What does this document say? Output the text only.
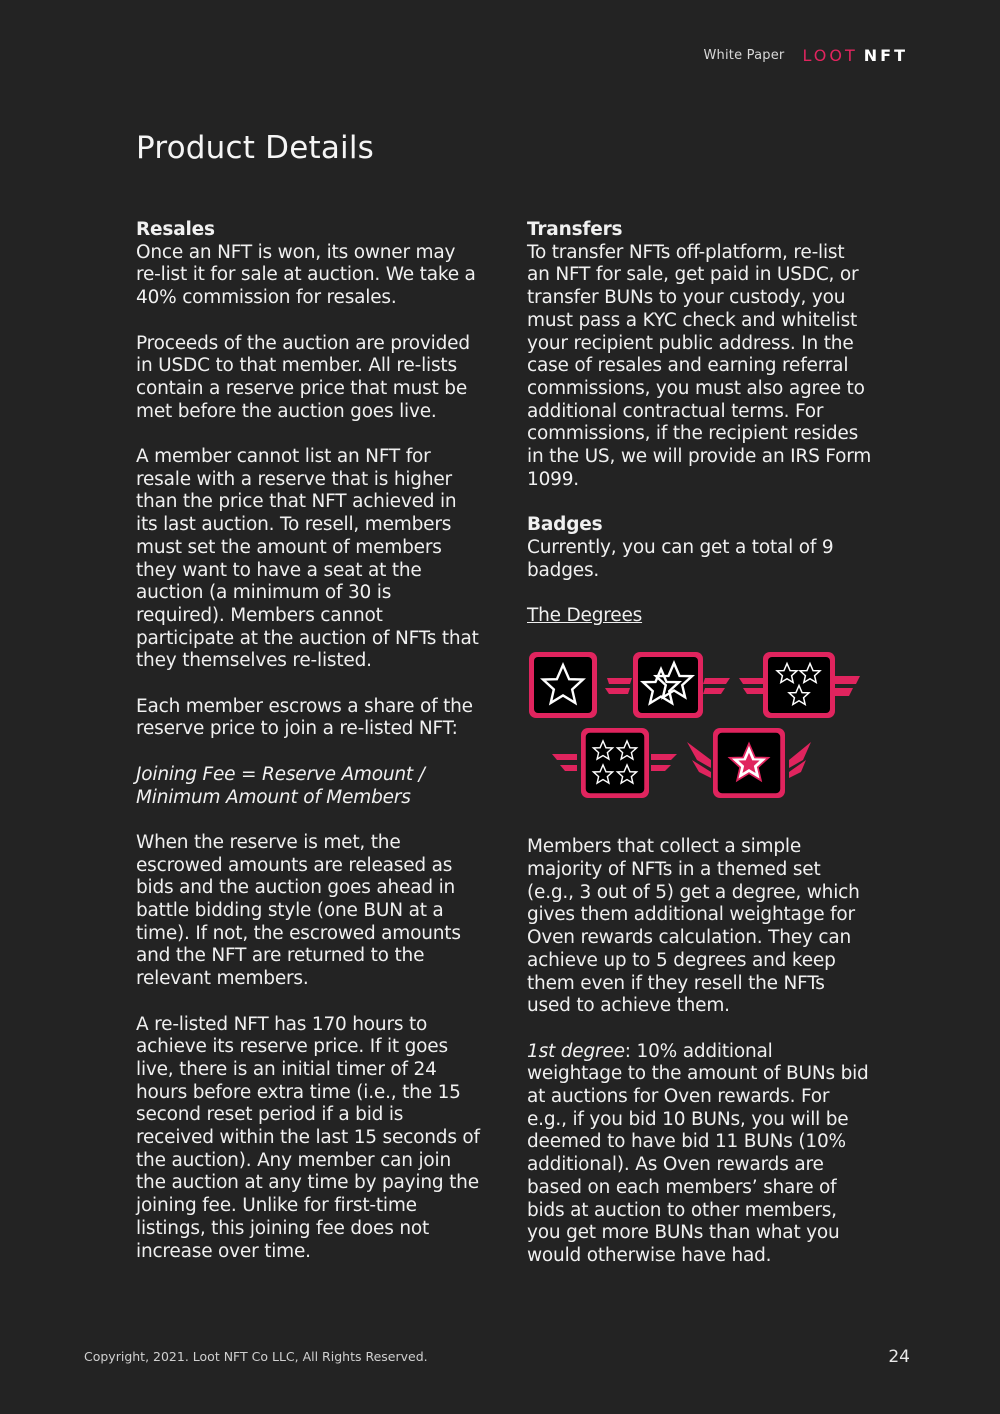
White Paper LOOT NFT
Product Details
Resales

Once an NFT is won, its owner may re-list it for sale at auction. We take a 40% commission for resales.

Proceeds of the auction are provided in USDC to that member. All re-lists contain a reserve price that must be met before the auction goes live.

A member cannot list an NFT for resale with a reserve that is higher than the price that NFT achieved in its last auction. To resell, members must set the amount of members they want to have a seat at the auction (a minimum of 30 is required). Members cannot participate at the auction of NFTs that they themselves re-listed.

Each member escrows a share of the reserve price to join a re-listed NFT:

Joining Fee = Reserve Amount / Minimum Amount of Members

When the reserve is met, the escrowed amounts are released as bids and the auction goes ahead in battle bidding style (one BUN at a time). If not, the escrowed amounts and the NFT are returned to the relevant members.

A re-listed NFT has 170 hours to achieve its reserve price. If it goes live, there is an initial timer of 24 hours before extra time (i.e., the 15 second reset period if a bid is received within the last 15 seconds of the auction). Any member can join the auction at any time by paying the joining fee. Unlike for first-time listings, this joining fee does not increase over time.

Transfers

To transfer NFTs off-platform, re-list an NFT for sale, get paid in USDC, or transfer BUNs to your custody, you must pass a KYC check and whitelist your recipient public address. In the case of resales and earning referral commissions, you must also agree to additional contractual terms. For commissions, if the recipient resides in the US, we will provide an IRS Form 1099.

Badges

Currently, you can get a total of 9 badges.

The Degrees

Members that collect a simple majority of NFTs in a themed set (e.g., 3 out of 5) get a degree, which gives them additional weightage for Oven rewards calculation. They can achieve up to 5 degrees and keep them even if they resell the NFTs used to achieve them.

1st degree: 10% additional weightage to the amount of BUNs bid at auctions for Oven rewards. For e.g., if you bid 10 BUNs, you will be deemed to have bid 11 BUNs (10% additional). As Oven rewards are based on each members’ share of bids at auction to other members, you get more BUNs than what you would otherwise have had.

Copyright, 2021. Loot NFT Co LLC, All Rights Reserved.	24
